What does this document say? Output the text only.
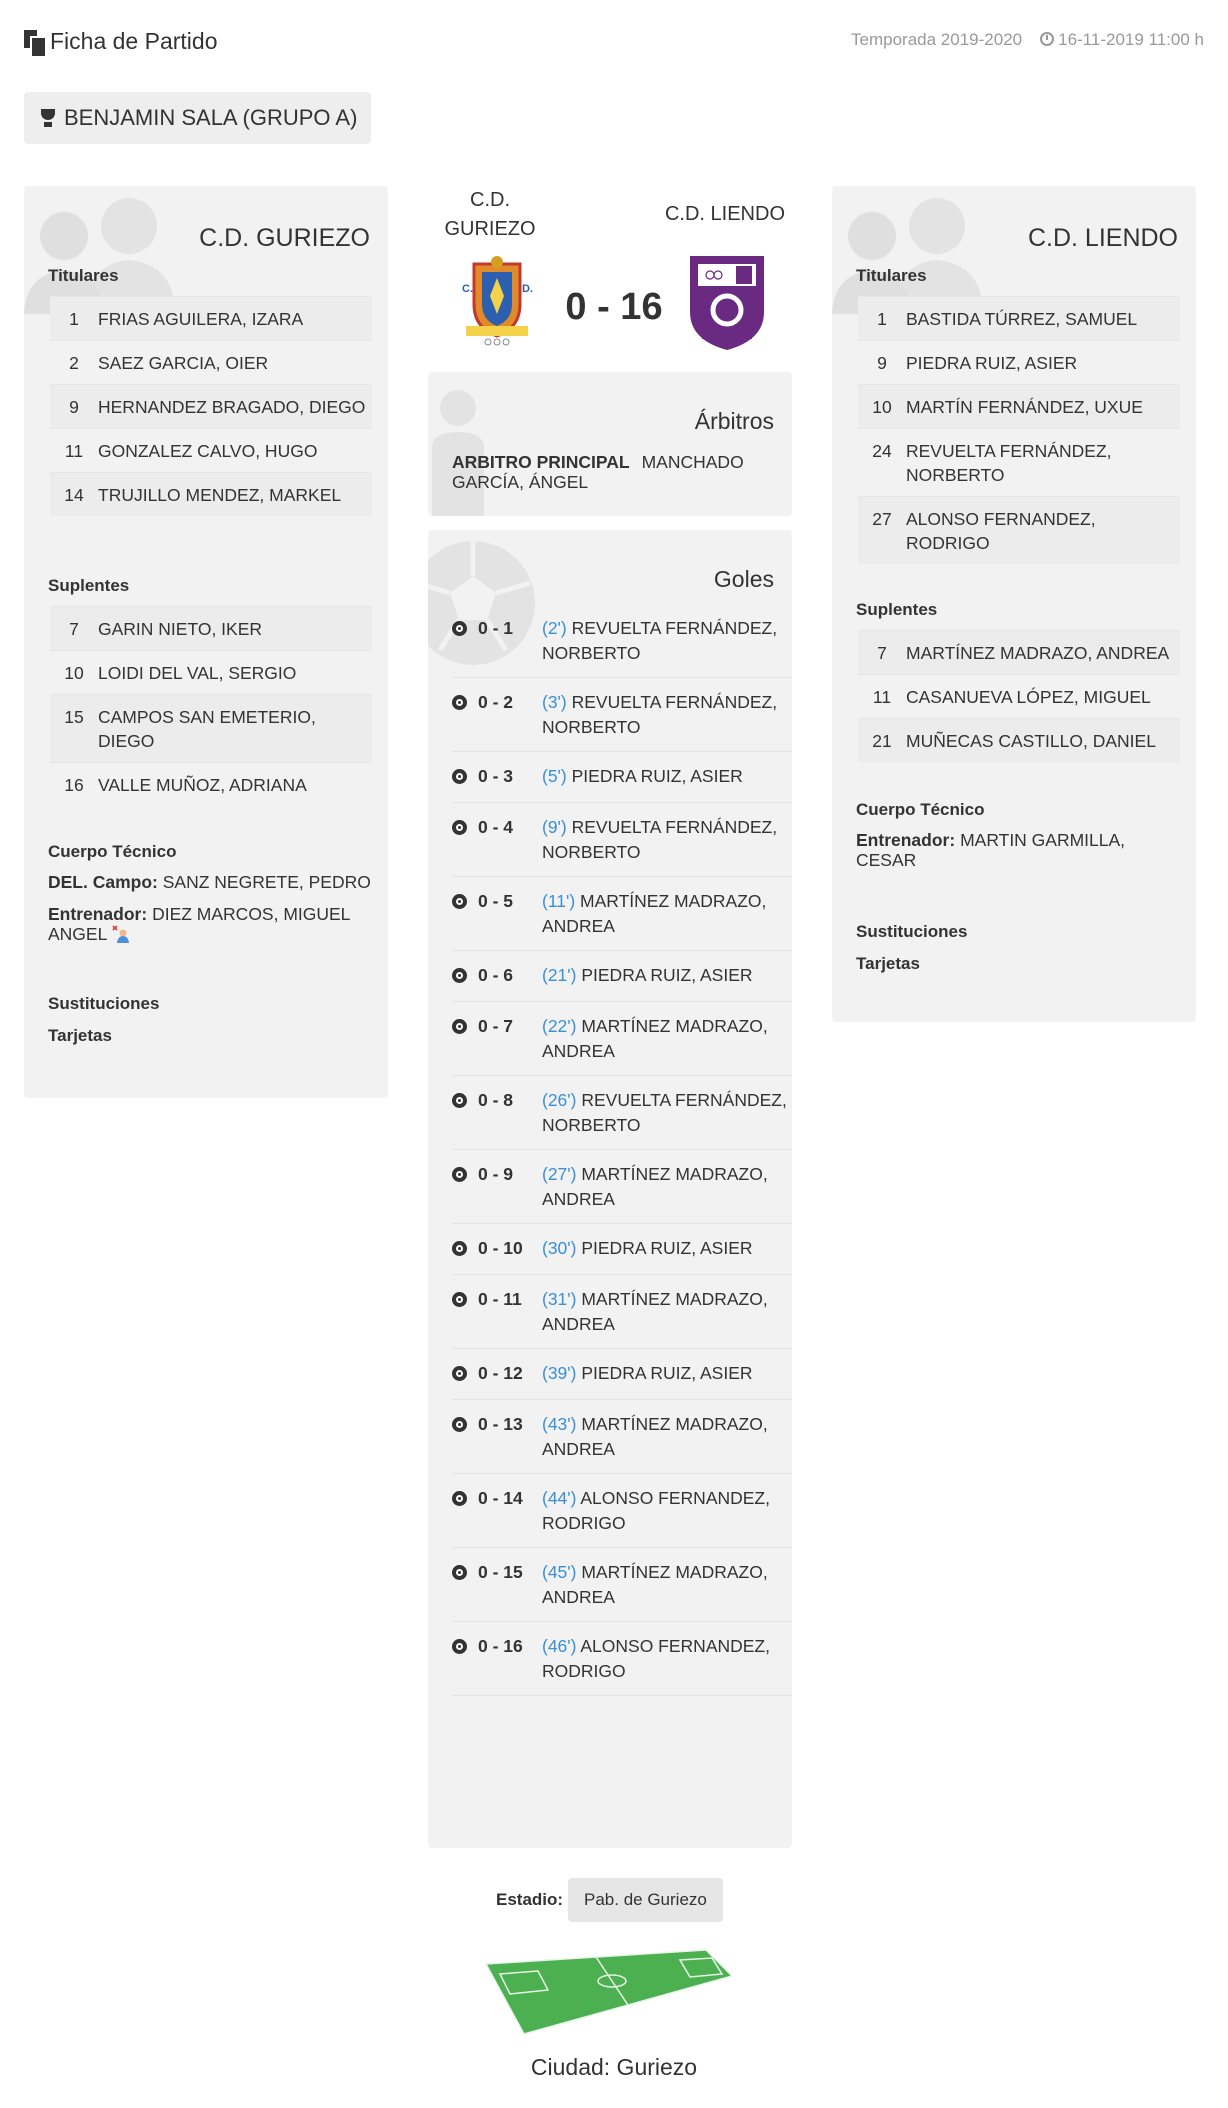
Ficha de Partido	Temporada 2019-2020	16-11-2019 11:00 h
BENJAMIN SALA (GRUPO A)
C.D. GURIEZO
Titulares
1	FRIAS AGUILERA, IZARA
2	SAEZ GARCIA, OIER
9	HERNANDEZ BRAGADO, DIEGO
11 GONZALEZ CALVO, HUGO
14 TRUJILLO MENDEZ, MARKEL
Suplentes
7	GARIN NIETO, IKER
10 LOIDI DEL VAL, SERGIO
15 CAMPOS SAN EMETERIO, DIEGO
16 VALLE MUÑOZ, ADRIANA
Cuerpo Técnico
DEL. Campo: SANZ NEGRETE, PEDRO
Entrenador: DIEZ MARCOS, MIGUEL ANGEL
Sustituciones
Tarjetas
C.D. GURIEZO
C.D. LIENDO
C.	D. 0 - 16
Árbitros
ARBITRO PRINCIPAL MANCHADO GARCÍA, ÁNGEL
Goles
0 - 1	(2') REVUELTA FERNÁNDEZ, NORBERTO
0 - 2	(3') REVUELTA FERNÁNDEZ, NORBERTO
0 - 3	(5') PIEDRA RUIZ, ASIER
0 - 4	(9') REVUELTA FERNÁNDEZ, NORBERTO
0 - 5	(11') MARTÍNEZ MADRAZO, ANDREA
0 - 6	(21') PIEDRA RUIZ, ASIER
0 - 7	(22') MARTÍNEZ MADRAZO, ANDREA
0 - 8	(26') REVUELTA FERNÁNDEZ, NORBERTO
0 - 9	(27') MARTÍNEZ MADRAZO, ANDREA
0 - 10	(30') PIEDRA RUIZ, ASIER
0 - 11	(31') MARTÍNEZ MADRAZO, ANDREA
0 - 12	(39') PIEDRA RUIZ, ASIER
0 - 13	(43') MARTÍNEZ MADRAZO, ANDREA
0 - 14	(44') ALONSO FERNANDEZ, RODRIGO
0 - 15	(45') MARTÍNEZ MADRAZO, ANDREA
0 - 16	(46') ALONSO FERNANDEZ, RODRIGO
C.D. LIENDO
Titulares
1	BASTIDA TÚRREZ, SAMUEL
9	PIEDRA RUIZ, ASIER
10 MARTÍN FERNÁNDEZ, UXUE
24 REVUELTA FERNÁNDEZ, NORBERTO
27 ALONSO FERNANDEZ, RODRIGO
Suplentes
7	MARTÍNEZ MADRAZO, ANDREA
11 CASANUEVA LÓPEZ, MIGUEL
21 MUÑECAS CASTILLO, DANIEL
Cuerpo Técnico
Entrenador: MARTIN GARMILLA, CESAR
Sustituciones
Tarjetas
Estadio:	Pab. de Guriezo
Ciudad: Guriezo
